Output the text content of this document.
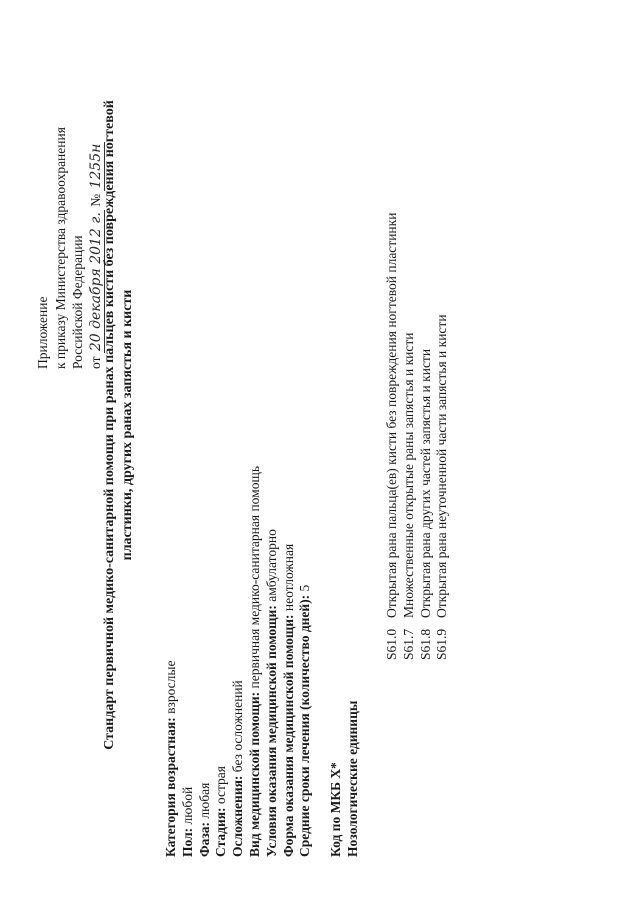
Приложение к приказу Министерства здравоохранения Российской Федерации от 20 декабря 2012 г. № 1255н
Стандарт первичной медико-санитарной помощи при ранах пальцев кисти без повреждения ногтевой пластинки, других ранах запястья и кисти
Категория возрастная: взрослые
Пол: любой
Фаза: любая
Стадия: острая Осложнения: без осложнений Вид медицинской помощи: первичная медико-санитарная помощь
Условия оказания медицинской помощи: амбулаторно
Форма оказания медицинской помощи: неотложная
Средние сроки лечения (количество дней): 5
Код по МКБ X* Нозологические единицы
S61.0Открытая рана пальца(ев) кисти без повреждения ногтевой пластинки
S61.7Множественные открытые раны запястья и кисти
S61.8Открытая рана других частей запястья и кисти
S61.9Открытая рана неуточненной части запястья и кисти
